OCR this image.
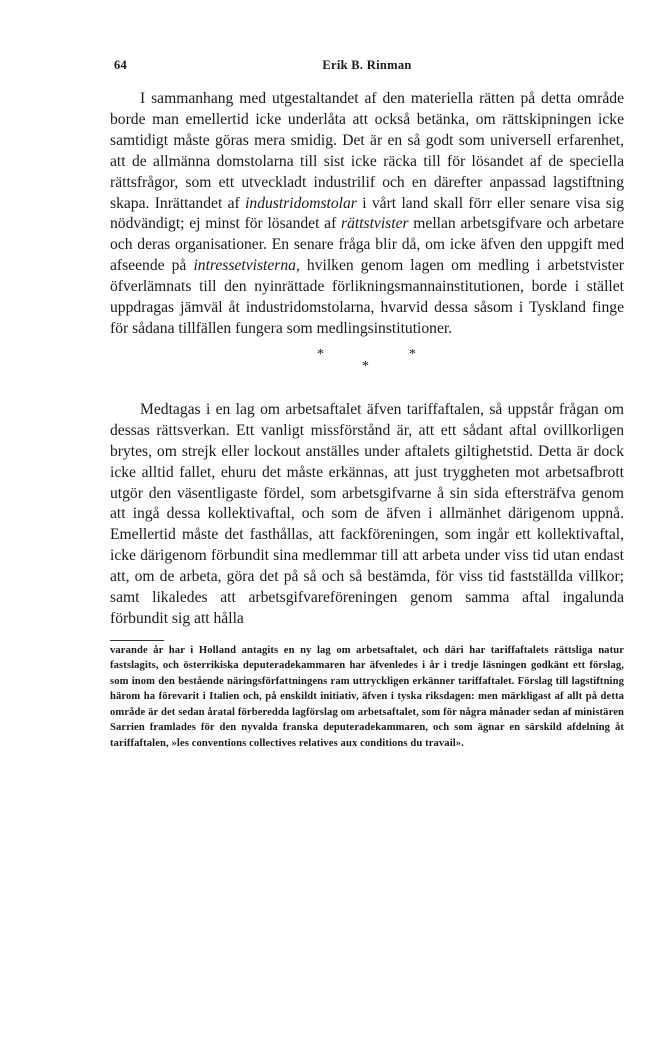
64	Erik B. Rinman

I sammanhang med utgestaltandet af den materiella rätten på detta område borde man emellertid icke underlåta att också betänka, om rättskipningen icke samtidigt måste göras mera smidig. Det är en så godt som universell erfarenhet, att de allmänna domstolarna till sist icke räcka till för lösandet af de speciella rättsfrågor, som ett utveckladt industrilif och en därefter anpassad lagstiftning skapa. Inrättandet af industridomstolar i vårt land skall förr eller senare visa sig nödvändigt; ej minst för lösandet af rättstvister mellan arbetsgifvare och arbetare och deras organisationer. En senare fråga blir då, om icke äfven den uppgift med afseende på intressetvisterna, hvilken genom lagen om medling i arbetstvister öfverlämnats till den nyinrättade förlikningsmannainstitutionen, borde i stället uppdragas jämväl åt industridomstolarna, hvarvid dessa såsom i Tyskland finge för sådana tillfällen fungera som medlingsinstitutioner.

*	*
*

Medtagas i en lag om arbetsaftalet äfven tariffaftalen, så uppstår frågan om dessas rättsverkan. Ett vanligt missförstånd är, att ett sådant aftal ovillkorligen brytes, om strejk eller lockout anställes under aftalets giltighetstid. Detta är dock icke alltid fallet, ehuru det måste erkännas, att just tryggheten mot arbetsafbrott utgör den väsentligaste fördel, som arbetsgifvarne å sin sida eftersträfva genom att ingå dessa kollektivaftal, och som de äfven i allmänhet därigenom uppnå. Emellertid måste det fasthållas, att fackföreningen, som ingår ett kollektivaftal, icke därigenom förbundit sina medlemmar till att arbeta under viss tid utan endast att, om de arbeta, göra det på så och så bestämda, för viss tid fastställda villkor; samt likaledes att arbetsgifvareföreningen genom samma aftal ingalunda förbundit sig att hålla

varande år har i Holland antagits en ny lag om arbetsaftalet, och däri har tariffaftalets rättsliga natur fastslagits, och österrikiska deputeradekammaren har äfvenledes i år i tredje läsningen godkänt ett förslag, som inom den bestående näringsförfattningens ram uttryckligen erkänner tariffaftalet. Förslag till lagstiftning härom ha förevarit i Italien och, på enskildt initiativ, äfven i tyska riksdagen: men märkligast af allt på detta område är det sedan åratal förberedda lagförslag om arbetsaftalet, som för några månader sedan af ministären Sarrien framlades för den nyvalda franska deputeradekammaren, och som ägnar en särskild afdelning åt tariffaftalen, »les conventions collectives relatives aux conditions du travail».
